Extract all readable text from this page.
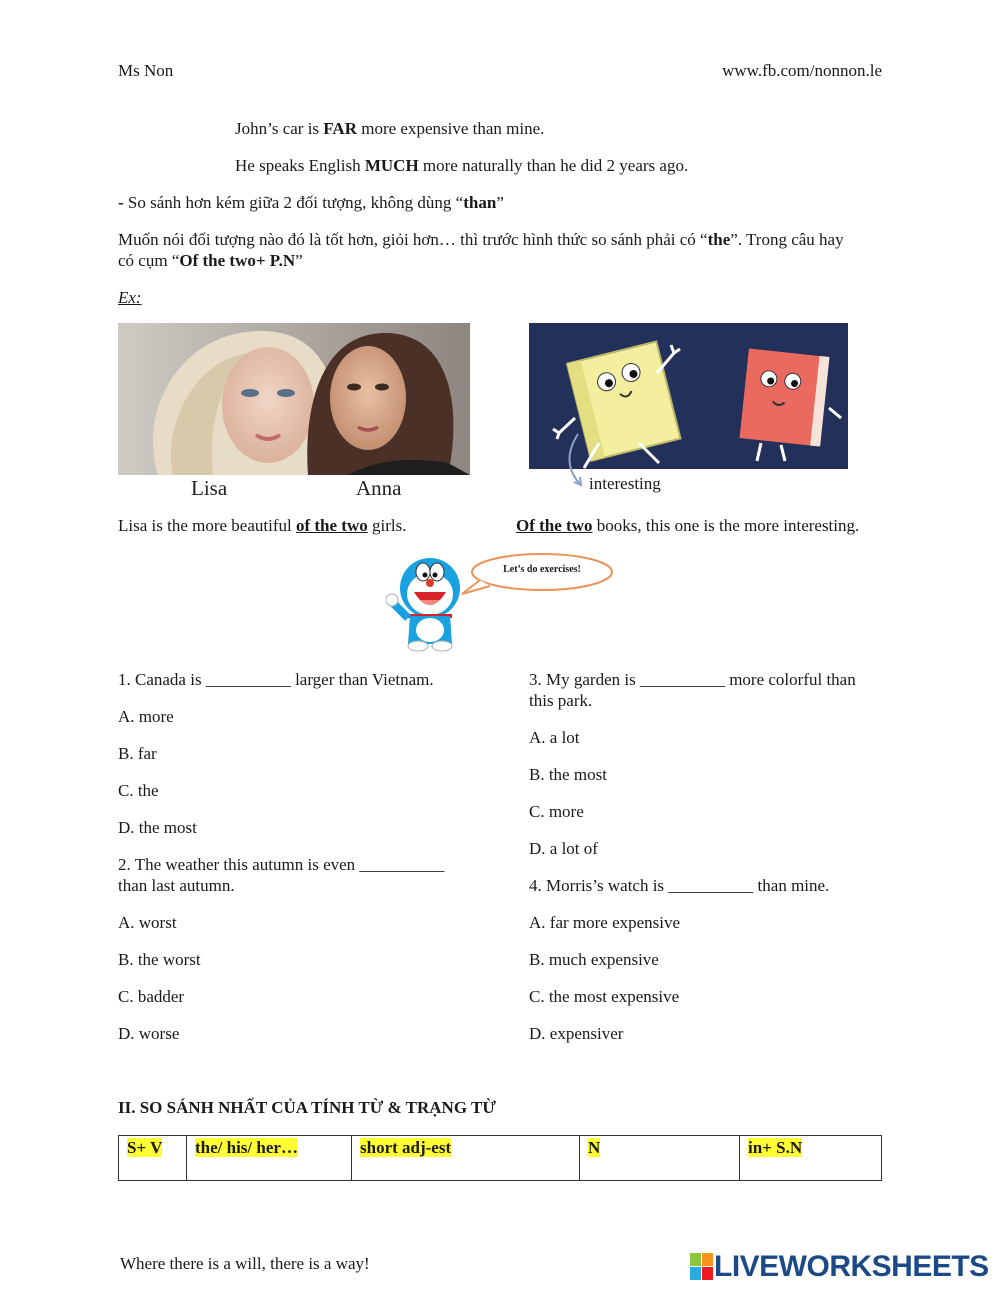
Ms Non	www.fb.com/nonnon.le
John’s car is FAR more expensive than mine.
He speaks English MUCH more naturally than he did 2 years ago.
- So sánh hơn kém giữa 2 đối tượng, không dùng “than”
Muốn nói đối tượng nào đó là tốt hơn, giỏi hơn… thì trước hình thức so sánh phải có “the”. Trong câu hay
có cụm “Of the two+ P.N”
Ex:
Lisa	Anna	interesting
Lisa is the more beautiful of the two girls.	Of the two books, this one is the more interesting.
Let’s do exercises!
1. Canada is __________ larger than Vietnam.
A. more
B. far
C. the
D. the most
2. The weather this autumn is even __________
than last autumn.
A. worst
B. the worst
C. badder
D. worse
3. My garden is __________ more colorful than
this park.
A. a lot
B. the most
C. more
D. a lot of
4. Morris’s watch is __________ than mine.
A. far more expensive
B. much expensive
C. the most expensive
D. expensiver
II. SO SÁNH NHẤT CỦA TÍNH TỪ & TRẠNG TỪ
S+ V	the/ his/ her…	short adj-est	N	in+ S.N
Where there is a will, there is a way!	LIVEWORKSHEETS
